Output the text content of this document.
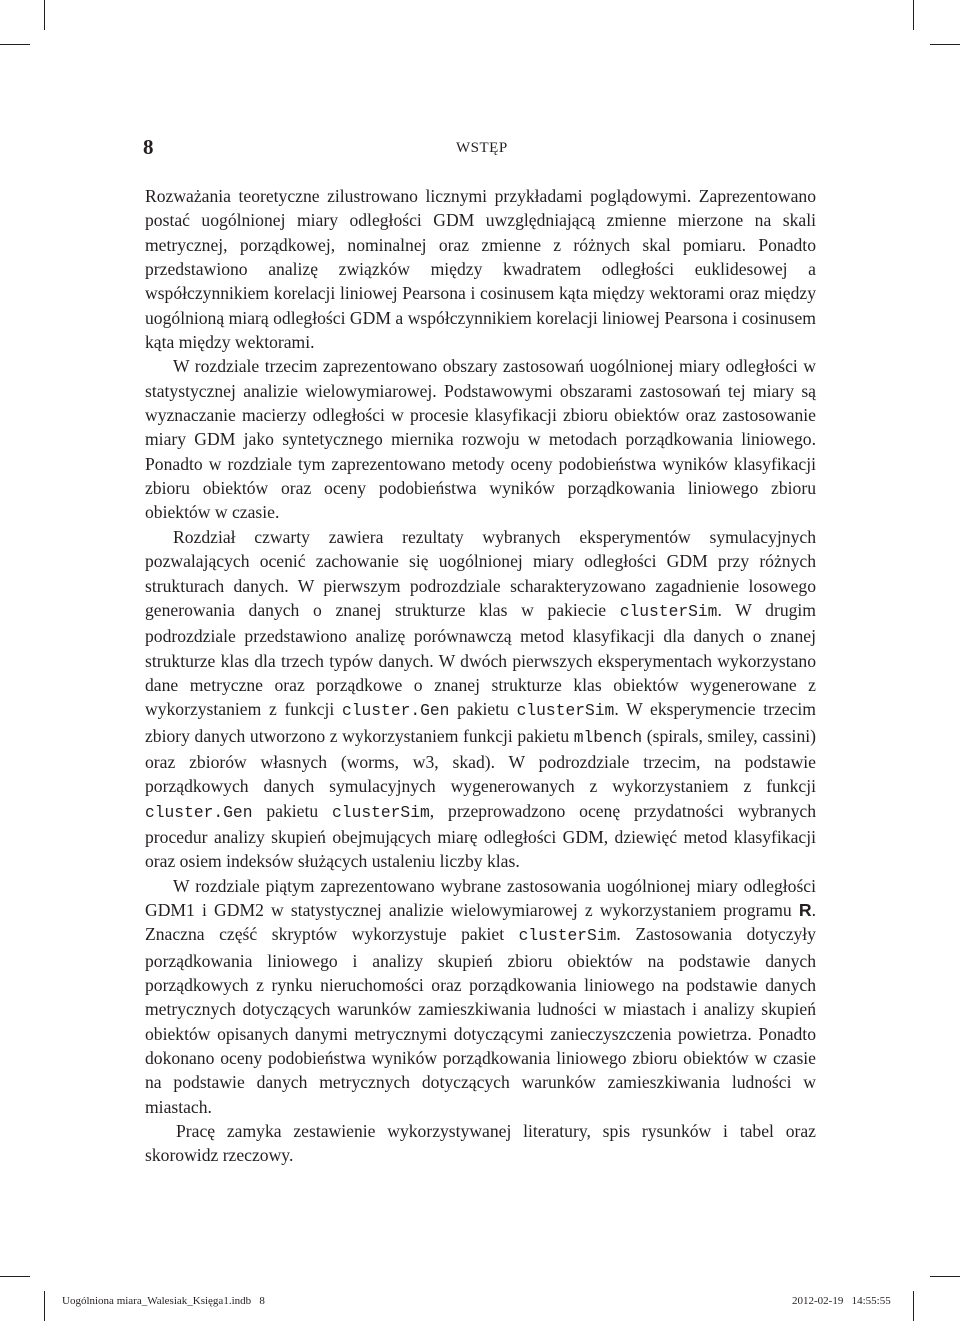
8	WSTĘP

Rozważania teoretyczne zilustrowano licznymi przykładami poglądowymi. Zaprezentowano postać uogólnionej miary odległości GDM uwzględniającą zmienne mierzone na skali metrycznej, porządkowej, nominalnej oraz zmienne z różnych skal pomiaru. Ponadto przedstawiono analizę związków między kwadratem odległości euklidesowej a współczynnikiem korelacji liniowej Pearsona i cosinusem kąta między wektorami oraz między uogólnioną miarą odległości GDM a współczynnikiem korelacji liniowej Pearsona i cosinusem kąta między wektorami.

W rozdziale trzecim zaprezentowano obszary zastosowań uogólnionej miary odległości w statystycznej analizie wielowymiarowej. Podstawowymi obszarami zastosowań tej miary są wyznaczanie macierzy odległości w procesie klasyfikacji zbioru obiektów oraz zastosowanie miary GDM jako syntetycznego miernika rozwoju w metodach porządkowania liniowego. Ponadto w rozdziale tym zaprezentowano metody oceny podobieństwa wyników klasyfikacji zbioru obiektów oraz oceny podobieństwa wyników porządkowania liniowego zbioru obiektów w czasie.

Rozdział czwarty zawiera rezultaty wybranych eksperymentów symulacyjnych pozwalających ocenić zachowanie się uogólnionej miary odległości GDM przy różnych strukturach danych. W pierwszym podrozdziale scharakteryzowano zagadnienie losowego generowania danych o znanej strukturze klas w pakiecie clusterSim. W drugim podrozdziale przedstawiono analizę porównawczą metod klasyfikacji dla danych o znanej strukturze klas dla trzech typów danych. W dwóch pierwszych eksperymentach wykorzystano dane metryczne oraz porządkowe o znanej strukturze klas obiektów wygenerowane z wykorzystaniem z funkcji cluster.Gen pakietu clusterSim. W eksperymencie trzecim zbiory danych utworzono z wykorzystaniem funkcji pakietu mlbench (spirals, smiley, cassini) oraz zbiorów własnych (worms, w3, skad). W podrozdziale trzecim, na podstawie porządkowych danych symulacyjnych wygenerowanych z wykorzystaniem z funkcji cluster.Gen pakietu clusterSim, przeprowadzono ocenę przydatności wybranych procedur analizy skupień obejmujących miarę odległości GDM, dziewięć metod klasyfikacji oraz osiem indeksów służących ustaleniu liczby klas.

W rozdziale piątym zaprezentowano wybrane zastosowania uogólnionej miary odległości GDM1 i GDM2 w statystycznej analizie wielowymiarowej z wykorzystaniem programu R. Znaczna część skryptów wykorzystuje pakiet clusterSim. Zastosowania dotyczyły porządkowania liniowego i analizy skupień zbioru obiektów na podstawie danych porządkowych z rynku nieruchomości oraz porządkowania liniowego na podstawie danych metrycznych dotyczących warunków zamieszkiwania ludności w miastach i analizy skupień obiektów opisanych danymi metrycznymi dotyczącymi zanieczyszczenia powietrza. Ponadto dokonano oceny podobieństwa wyników porządkowania liniowego zbioru obiektów w czasie na podstawie danych metrycznych dotyczących warunków zamieszkiwania ludności w miastach.

Pracę zamyka zestawienie wykorzystywanej literatury, spis rysunków i tabel oraz skorowidz rzeczowy.

Uogólniona miara_Walesiak_Księga1.indb   8	2012-02-19   14:55:55
